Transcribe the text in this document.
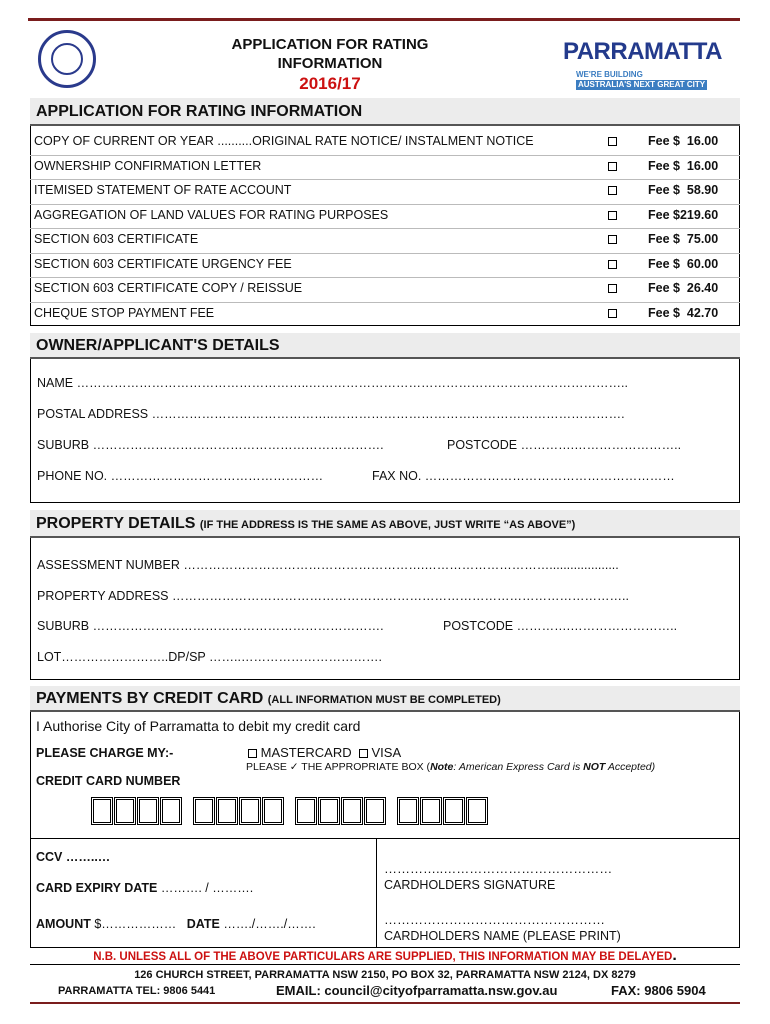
APPLICATION FOR RATING
INFORMATION
2016/17
PARRAMATTA
WE'RE BUILDING
AUSTRALIA'S NEXT GREAT CITY
APPLICATION FOR RATING INFORMATION
COPY OF CURRENT OR YEAR ..........ORIGINAL RATE NOTICE/ INSTALMENT NOTICE	Fee $  16.00
OWNERSHIP CONFIRMATION LETTER	Fee $  16.00
ITEMISED STATEMENT OF RATE ACCOUNT	Fee $  58.90
AGGREGATION OF LAND VALUES FOR RATING PURPOSES	Fee $219.60
SECTION 603 CERTIFICATE	Fee $  75.00
SECTION 603 CERTIFICATE URGENCY FEE	Fee $  60.00
SECTION 603 CERTIFICATE COPY / REISSUE	Fee $  26.40
CHEQUE STOP PAYMENT FEE	Fee $  42.70
OWNER/APPLICANT'S DETAILS
NAME ………………………………………………..…………………………………………………………………..
POSTAL ADDRESS ……………………………………..…………………………………………………………….
SUBURB …………………………………………………………….	POSTCODE ………….……………………..
PHONE NO. ……………………………………………	FAX NO. ……………………………………………………
PROPERTY DETAILS (IF THE ADDRESS IS THE SAME AS ABOVE, JUST WRITE “AS ABOVE”)
ASSESSMENT NUMBER ………………………………………………….…………………………....................
PROPERTY ADDRESS ………………………………………………………………………………………………..
SUBURB …………………………………………………………….	POSTCODE ………….……………………..
LOT……………………..DP/SP ……..…………………………….
PAYMENTS BY CREDIT CARD (ALL INFORMATION MUST BE COMPLETED)
I Authorise City of Parramatta to debit my credit card
PLEASE CHARGE MY:-	MASTERCARD VISA
PLEASE ✓ THE APPROPRIATE BOX (Note: American Express Card is NOT Accepted)
CREDIT CARD NUMBER
CCV ……..…
CARD EXPIRY DATE ………. / ……….
AMOUNT $……………… DATE ……./……./…….
…………..…………………………………
CARDHOLDERS SIGNATURE
……………………………………………
CARDHOLDERS NAME (PLEASE PRINT)
N.B. UNLESS ALL OF THE ABOVE PARTICULARS ARE SUPPLIED, THIS INFORMATION MAY BE DELAYED.
126 CHURCH STREET, PARRAMATTA NSW 2150, PO BOX 32, PARRAMATTA NSW 2124, DX 8279
PARRAMATTA TEL: 9806 5441	EMAIL: council@cityofparramatta.nsw.gov.au	FAX: 9806 5904
